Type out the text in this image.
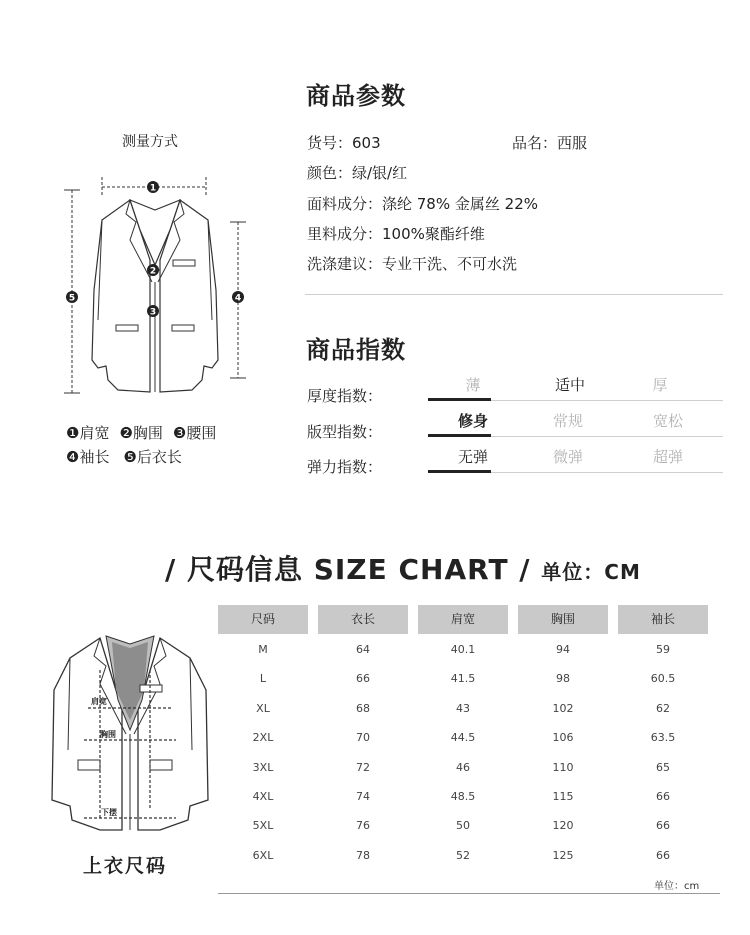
商品参数
测量方式	货号：603	品名：西服
颜色：绿/银/红
面料成分：涤纶 78% 金属丝 22%
里料成分：100%聚酯纤维
洗涤建议：专业干洗、不可水洗
1
2
3
4
5
❶肩宽 ❷胸围 ❸腰围
❹袖长 ❺后衣长
商品指数
厚度指数：
薄	适中	厚
版型指数：
修身	常规	宽松
弹力指数：
无弹	微弹	超弹
/ 尺码信息 SIZE CHART / 单位：CM
尺码	衣长	肩宽	胸围	袖长
M	64	40.1	94	59
L	66	41.5	98	60.5
XL	68	43	102	62
2XL	70	44.5	106	63.5
3XL	72	46	110	65
4XL	74	48.5	115	66
5XL	76	50	120	66
6XL	78	52	125	66
单位：cm
肩宽
胸围
下摆
上衣尺码
